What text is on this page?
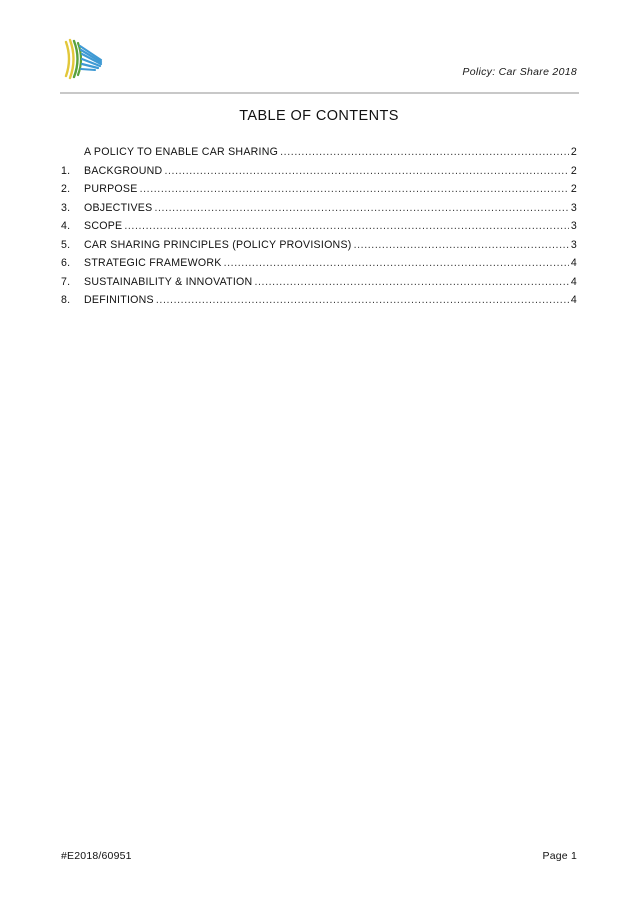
Policy: Car Share 2018
TABLE OF CONTENTS
A POLICY TO ENABLE CAR SHARING .....	2
1.	BACKGROUND .....	2
2.	PURPOSE .....	2
3.	OBJECTIVES .....	3
4.	SCOPE .....	3
5.	CAR SHARING PRINCIPLES (POLICY PROVISIONS) .....	3
6.	STRATEGIC FRAMEWORK .....	4
7.	SUSTAINABILITY & INNOVATION .....	4
8.	DEFINITIONS .....	4
#E2018/60951	Page 1
